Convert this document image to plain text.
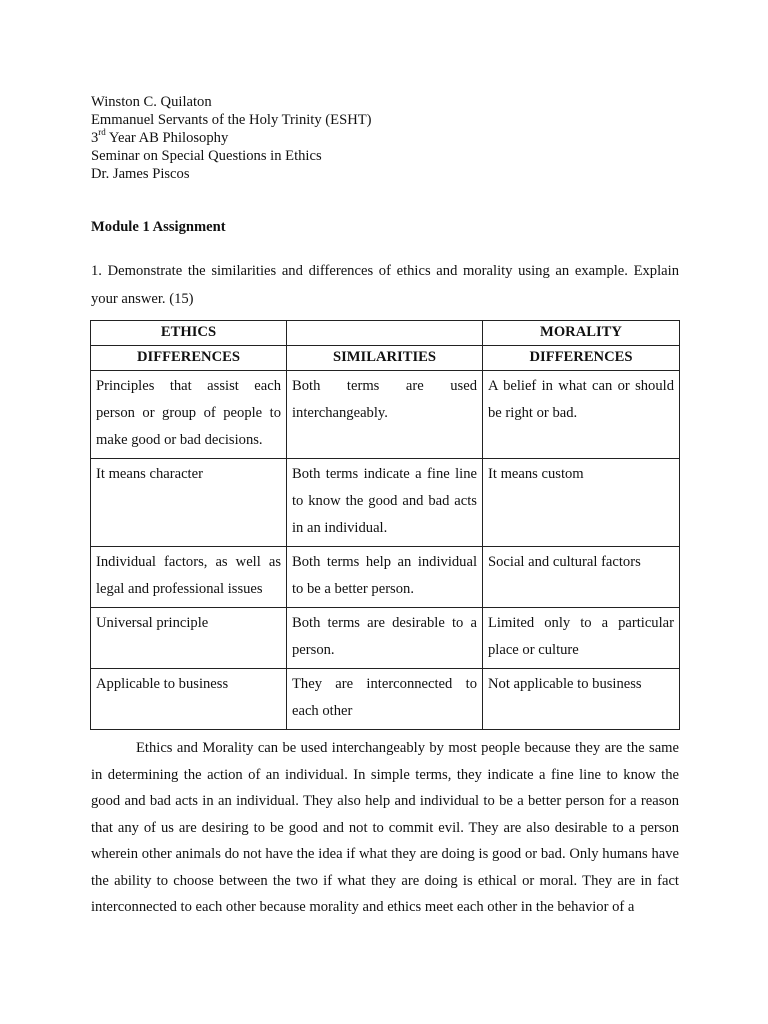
Winston C. Quilaton
Emmanuel Servants of the Holy Trinity (ESHT)
3rd Year AB Philosophy
Seminar on Special Questions in Ethics
Dr. James Piscos
Module 1 Assignment
1. Demonstrate the similarities and differences of ethics and morality using an example. Explain your answer. (15)
ETHICS		MORALITY
DIFFERENCES	SIMILARITIES	DIFFERENCES
Principles that assist each person or group of people to make good or bad decisions.	Both terms are used interchangeably.	A belief in what can or should be right or bad.
It means character	Both terms indicate a fine line to know the good and bad acts in an individual.	It means custom
Individual factors, as well as legal and professional issues	Both terms help an individual to be a better person.	Social and cultural factors
Universal principle	Both terms are desirable to a person.	Limited only to a particular place or culture
Applicable to business	They are interconnected to each other	Not applicable to business
Ethics and Morality can be used interchangeably by most people because they are the same in determining the action of an individual. In simple terms, they indicate a fine line to know the good and bad acts in an individual. They also help and individual to be a better person for a reason that any of us are desiring to be good and not to commit evil. They are also desirable to a person wherein other animals do not have the idea if what they are doing is good or bad. Only humans have the ability to choose between the two if what they are doing is ethical or moral. They are in fact interconnected to each other because morality and ethics meet each other in the behavior of a
